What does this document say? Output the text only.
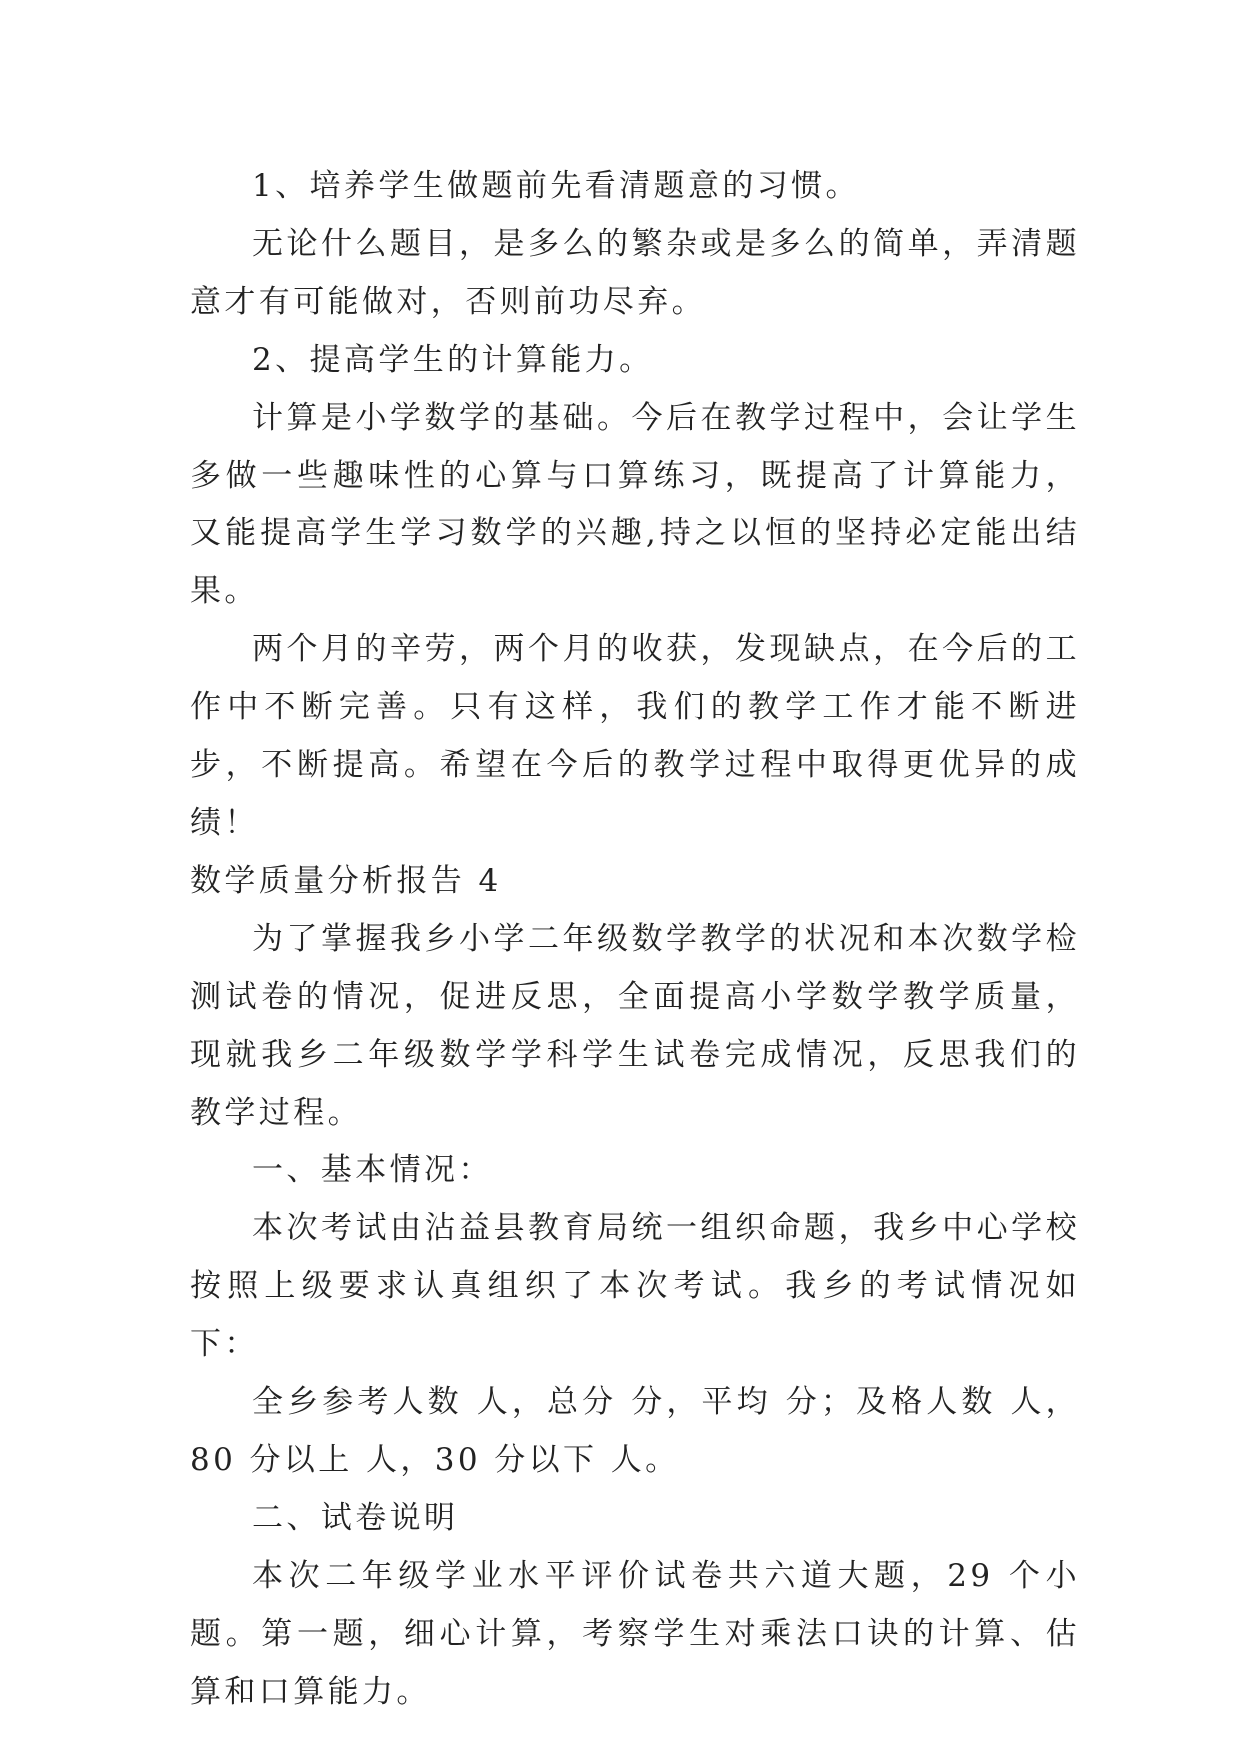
1、培养学生做题前先看清题意的习惯。

无论什么题目，是多么的繁杂或是多么的简单，弄清题意才有可能做对，否则前功尽弃。

2、提高学生的计算能力。

计算是小学数学的基础。今后在教学过程中，会让学生多做一些趣味性的心算与口算练习，既提高了计算能力，又能提高学生学习数学的兴趣,持之以恒的坚持必定能出结果。

两个月的辛劳，两个月的收获，发现缺点，在今后的工作中不断完善。只有这样，我们的教学工作才能不断进步，不断提高。希望在今后的教学过程中取得更优异的成绩！

数学质量分析报告 4

为了掌握我乡小学二年级数学教学的状况和本次数学检测试卷的情况，促进反思，全面提高小学数学教学质量，现就我乡二年级数学学科学生试卷完成情况，反思我们的教学过程。

一、基本情况：

本次考试由沾益县教育局统一组织命题，我乡中心学校按照上级要求认真组织了本次考试。我乡的考试情况如下：

全乡参考人数 人，总分 分，平均 分；及格人数 人，80 分以上 人，30 分以下 人。

二、试卷说明

本次二年级学业水平评价试卷共六道大题，29 个小题。第一题，细心计算，考察学生对乘法口诀的计算、估算和口算能力。
